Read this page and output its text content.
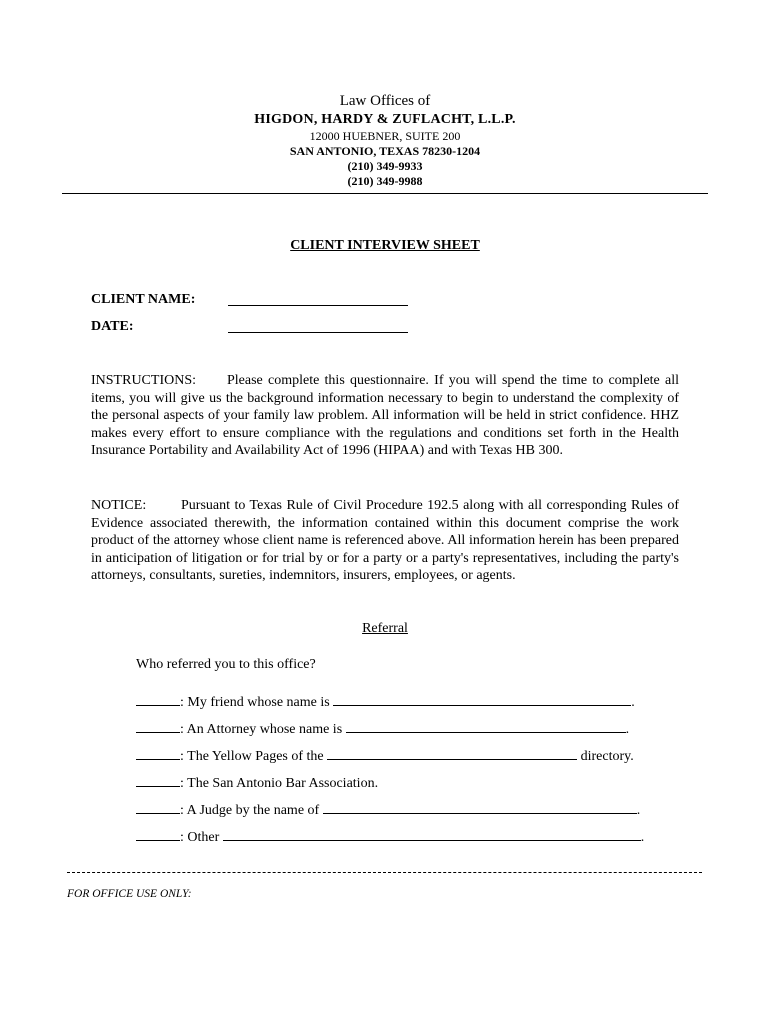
Law Offices of
HIGDON, HARDY & ZUFLACHT, L.L.P.
12000 HUEBNER, SUITE 200
SAN ANTONIO, TEXAS 78230-1204
(210) 349-9933
(210) 349-9988
CLIENT INTERVIEW SHEET
CLIENT NAME:
DATE:
INSTRUCTIONS: Please complete this questionnaire. If you will spend the time to complete all items, you will give us the background information necessary to begin to understand the complexity of the personal aspects of your family law problem. All information will be held in strict confidence. HHZ makes every effort to ensure compliance with the regulations and conditions set forth in the Health Insurance Portability and Availability Act of 1996 (HIPAA) and with Texas HB 300.
NOTICE: Pursuant to Texas Rule of Civil Procedure 192.5 along with all corresponding Rules of Evidence associated therewith, the information contained within this document comprise the work product of the attorney whose client name is referenced above. All information herein has been prepared in anticipation of litigation or for trial by or for a party or a party's representatives, including the party's attorneys, consultants, sureties, indemnitors, insurers, employees, or agents.
Referral
Who referred you to this office?
: My friend whose name is	.
: An Attorney whose name is	.
: The Yellow Pages of the	directory.
: The San Antonio Bar Association.
: A Judge by the name of	.
: Other	.
FOR OFFICE USE ONLY:
